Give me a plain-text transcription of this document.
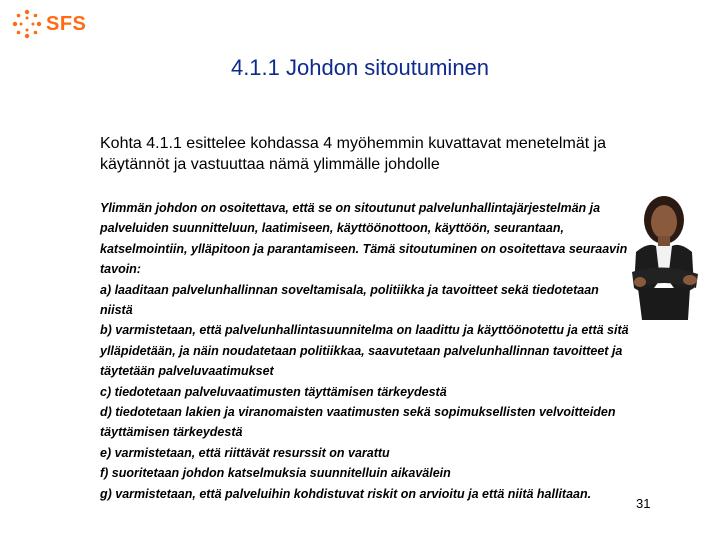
SFS
4.1.1 Johdon sitoutuminen
Kohta 4.1.1 esittelee kohdassa 4 myöhemmin kuvattavat menetelmät ja käytännöt ja vastuuttaa nämä ylimmälle johdolle

Ylimmän johdon on osoitettava, että se on sitoutunut palvelunhallintajärjestelmän ja palveluiden suunnitteluun, laatimiseen, käyttöönottoon, käyttöön, seurantaan, katselmointiin, ylläpitoon ja parantamiseen. Tämä sitoutuminen on osoitettava seuraavin tavoin:

a) laaditaan palvelunhallinnan soveltamisala, politiikka ja tavoitteet sekä tiedotetaan niistä

b) varmistetaan, että palvelunhallintasuunnitelma on laadittu ja käyttöönotettu ja että sitä ylläpidetään, ja näin noudatetaan politiikkaa, saavutetaan palvelunhallinnan tavoitteet ja täytetään palveluvaatimukset

c) tiedotetaan palveluvaatimusten täyttämisen tärkeydestä

d) tiedotetaan lakien ja viranomaisten vaatimusten sekä sopimuksellisten velvoitteiden täyttämisen tärkeydestä

e) varmistetaan, että riittävät resurssit on varattu

f) suoritetaan johdon katselmuksia suunnitelluin aikavälein

g) varmistetaan, että palveluihin kohdistuvat riskit on arvioitu ja että niitä hallitaan.

31
